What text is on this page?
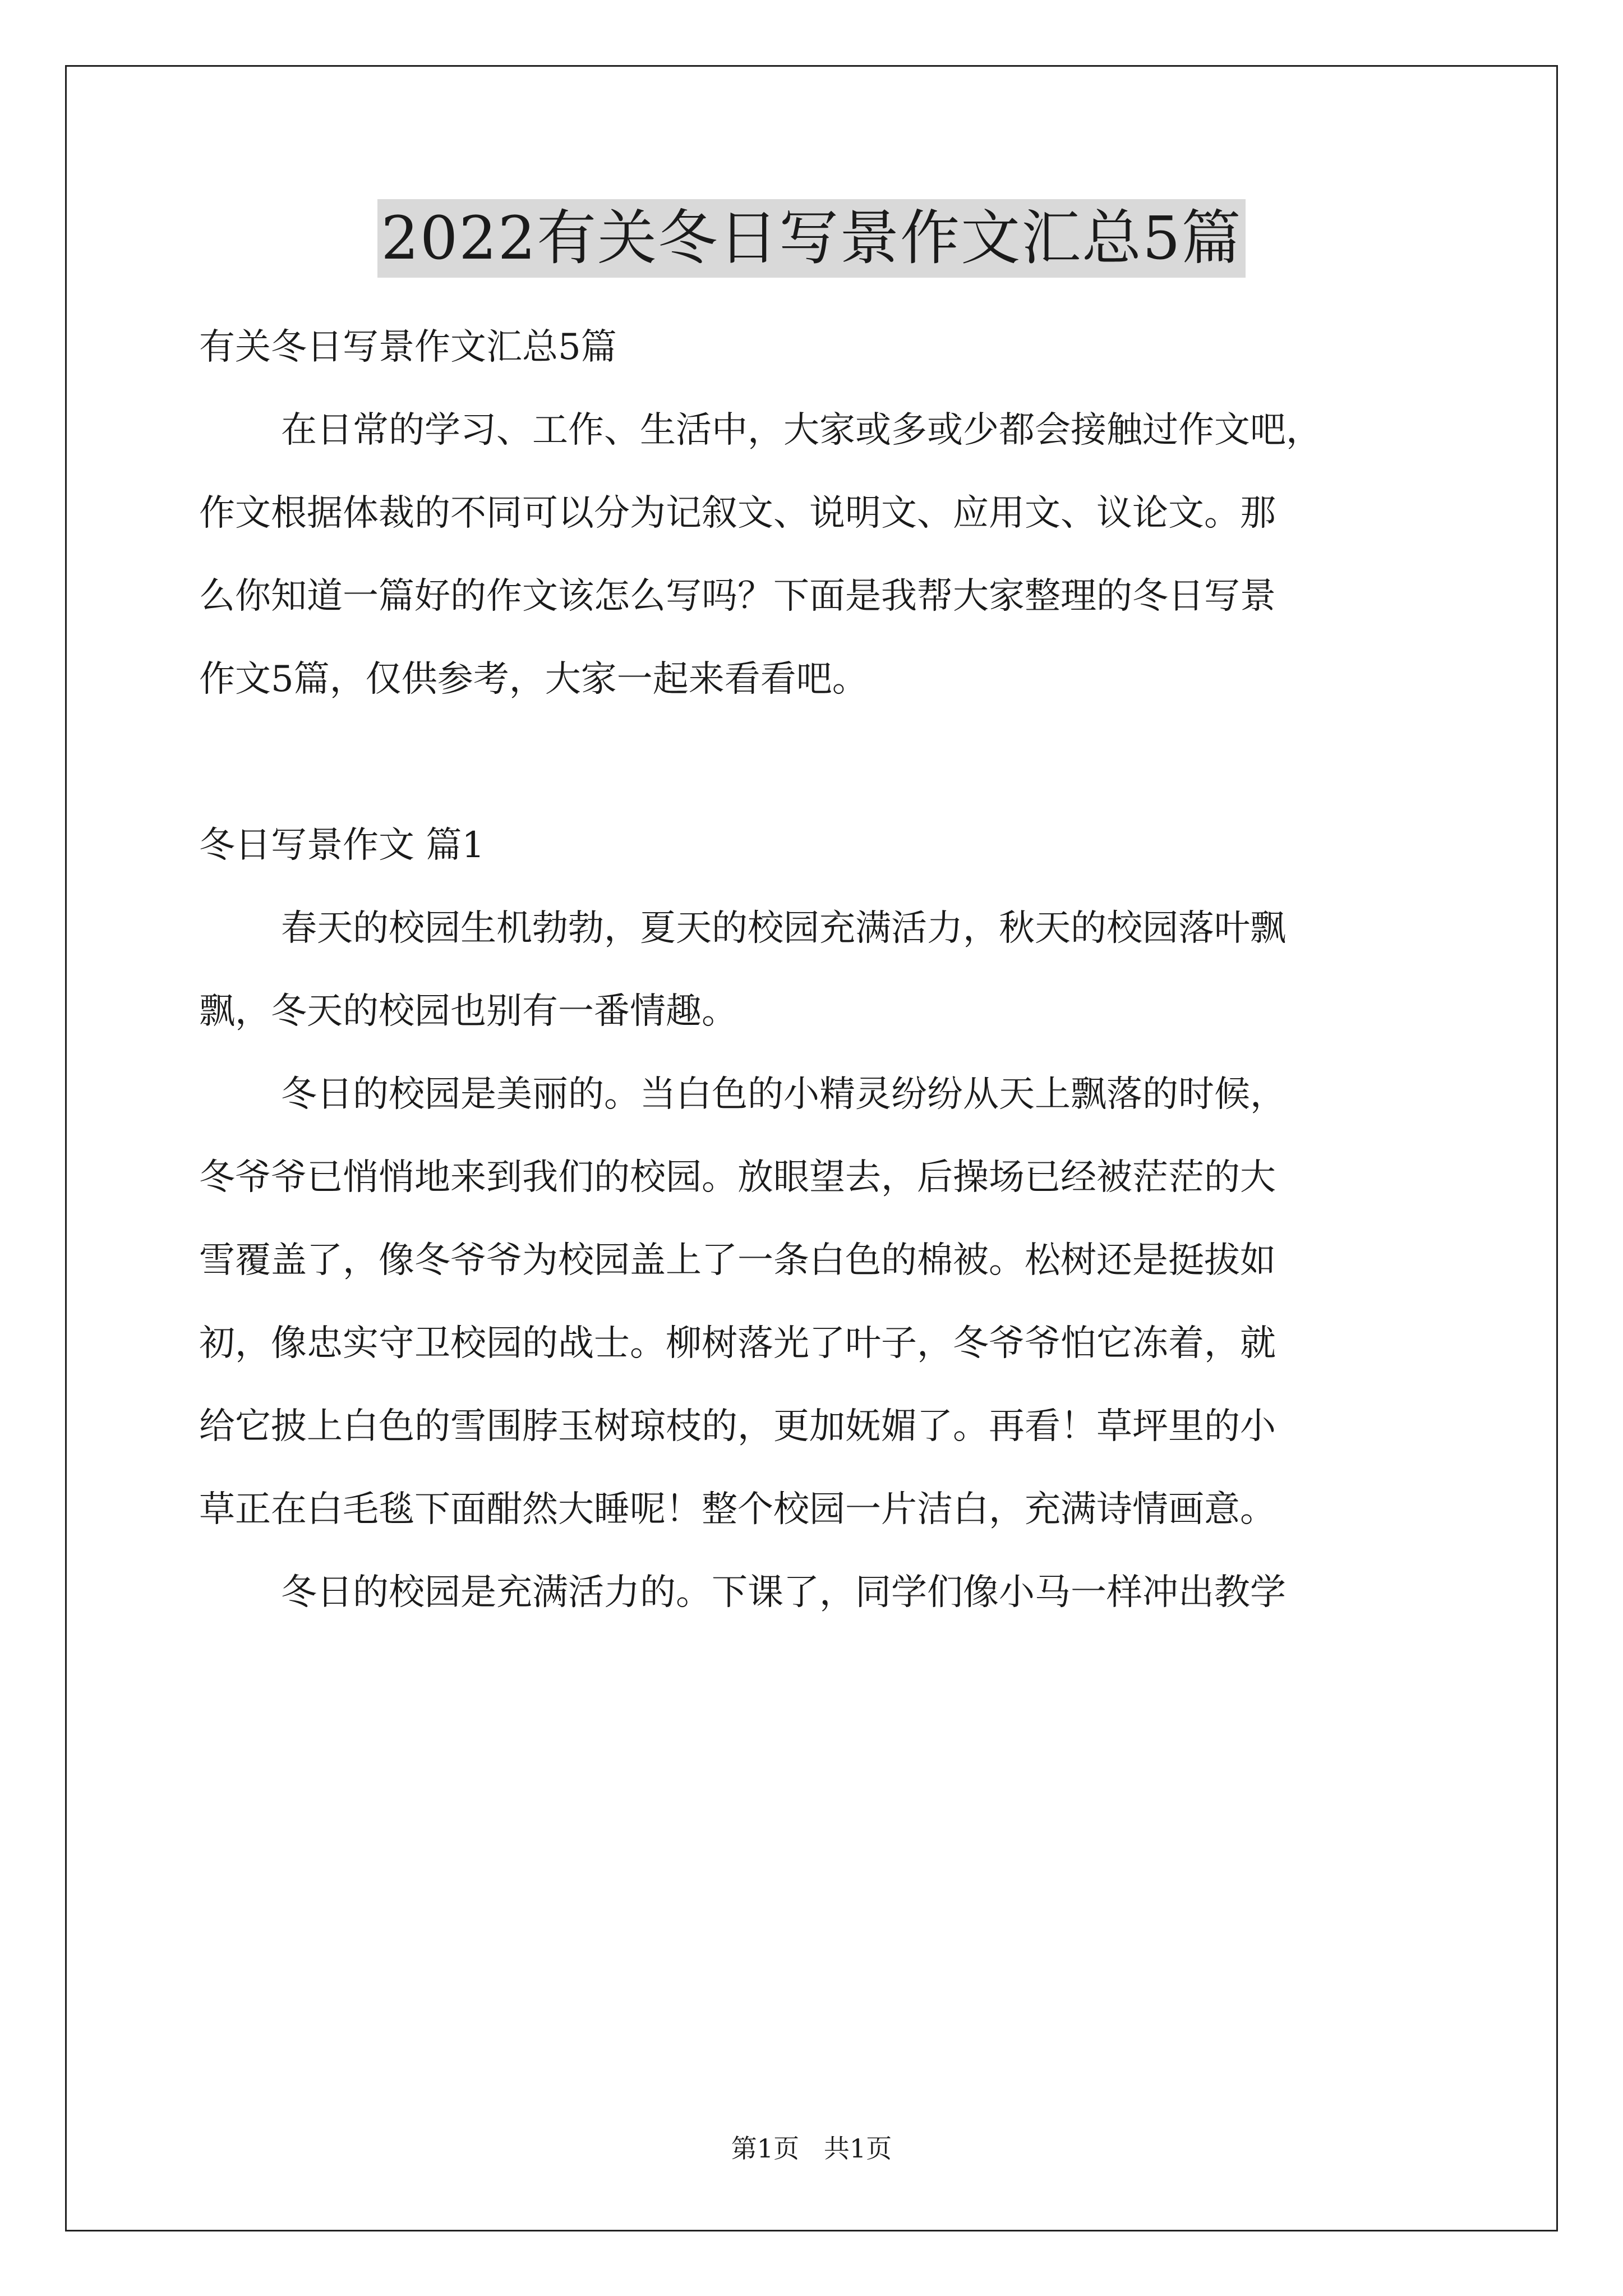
2022有关冬日写景作文汇总5篇
有关冬日写景作文汇总5篇
在日常的学习、工作、生活中，大家或多或少都会接触过作文吧，
作文根据体裁的不同可以分为记叙文、说明文、应用文、议论文。那
么你知道一篇好的作文该怎么写吗？下面是我帮大家整理的冬日写景
作文5篇，仅供参考，大家一起来看看吧。
冬日写景作文 篇1
春天的校园生机勃勃，夏天的校园充满活力，秋天的校园落叶飘
飘，冬天的校园也别有一番情趣。
冬日的校园是美丽的。当白色的小精灵纷纷从天上飘落的时候，
冬爷爷已悄悄地来到我们的校园。放眼望去，后操场已经被茫茫的大
雪覆盖了，像冬爷爷为校园盖上了一条白色的棉被。松树还是挺拔如
初，像忠实守卫校园的战士。柳树落光了叶子，冬爷爷怕它冻着，就
给它披上白色的雪围脖玉树琼枝的，更加妩媚了。再看！草坪里的小
草正在白毛毯下面酣然大睡呢！整个校园一片洁白，充满诗情画意。
冬日的校园是充满活力的。下课了，同学们像小马一样冲出教学
第1页   共1页
